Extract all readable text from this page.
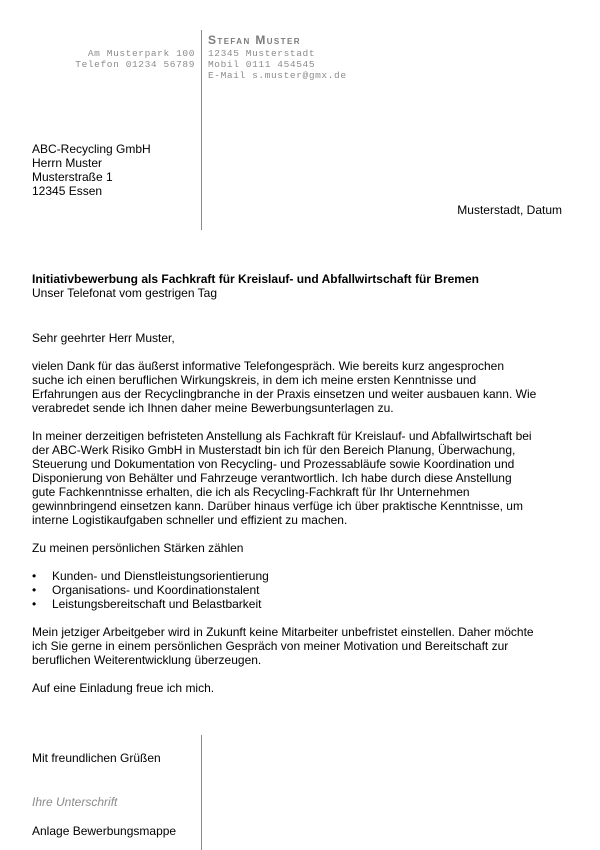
Stefan Muster
Am Musterpark 100
Telefon 01234 56789
12345 Musterstadt
Mobil 0111 454545
E-Mail s.muster@gmx.de
ABC-Recycling GmbH
Herrn Muster
Musterstraße 1
12345 Essen
Musterstadt, Datum
Initiativbewerbung als Fachkraft für Kreislauf- und Abfallwirtschaft für Bremen
Unser Telefonat vom gestrigen Tag

Sehr geehrter Herr Muster,

vielen Dank für das äußerst informative Telefongespräch. Wie bereits kurz angesprochen
suche ich einen beruflichen Wirkungskreis, in dem ich meine ersten Kenntnisse und
Erfahrungen aus der Recyclingbranche in der Praxis einsetzen und weiter ausbauen kann. Wie
verabredet sende ich Ihnen daher meine Bewerbungsunterlagen zu.

In meiner derzeitigen befristeten Anstellung als Fachkraft für Kreislauf- und Abfallwirtschaft bei
der ABC-Werk Risiko GmbH in Musterstadt bin ich für den Bereich Planung, Überwachung,
Steuerung und Dokumentation von Recycling- und Prozessabläufe sowie Koordination und
Disponierung von Behälter und Fahrzeuge verantwortlich. Ich habe durch diese Anstellung
gute Fachkenntnisse erhalten, die ich als Recycling-Fachkraft für Ihr Unternehmen
gewinnbringend einsetzen kann. Darüber hinaus verfüge ich über praktische Kenntnisse, um
interne Logistikaufgaben schneller und effizient zu machen.

Zu meinen persönlichen Stärken zählen

• Kunden- und Dienstleistungsorientierung
• Organisations- und Koordinationstalent
• Leistungsbereitschaft und Belastbarkeit

Mein jetziger Arbeitgeber wird in Zukunft keine Mitarbeiter unbefristet einstellen. Daher möchte
ich Sie gerne in einem persönlichen Gespräch von meiner Motivation und Bereitschaft zur
beruflichen Weiterentwicklung überzeugen.

Auf eine Einladung freue ich mich.

Mit freundlichen Grüßen
Ihre Unterschrift
Anlage Bewerbungsmappe
